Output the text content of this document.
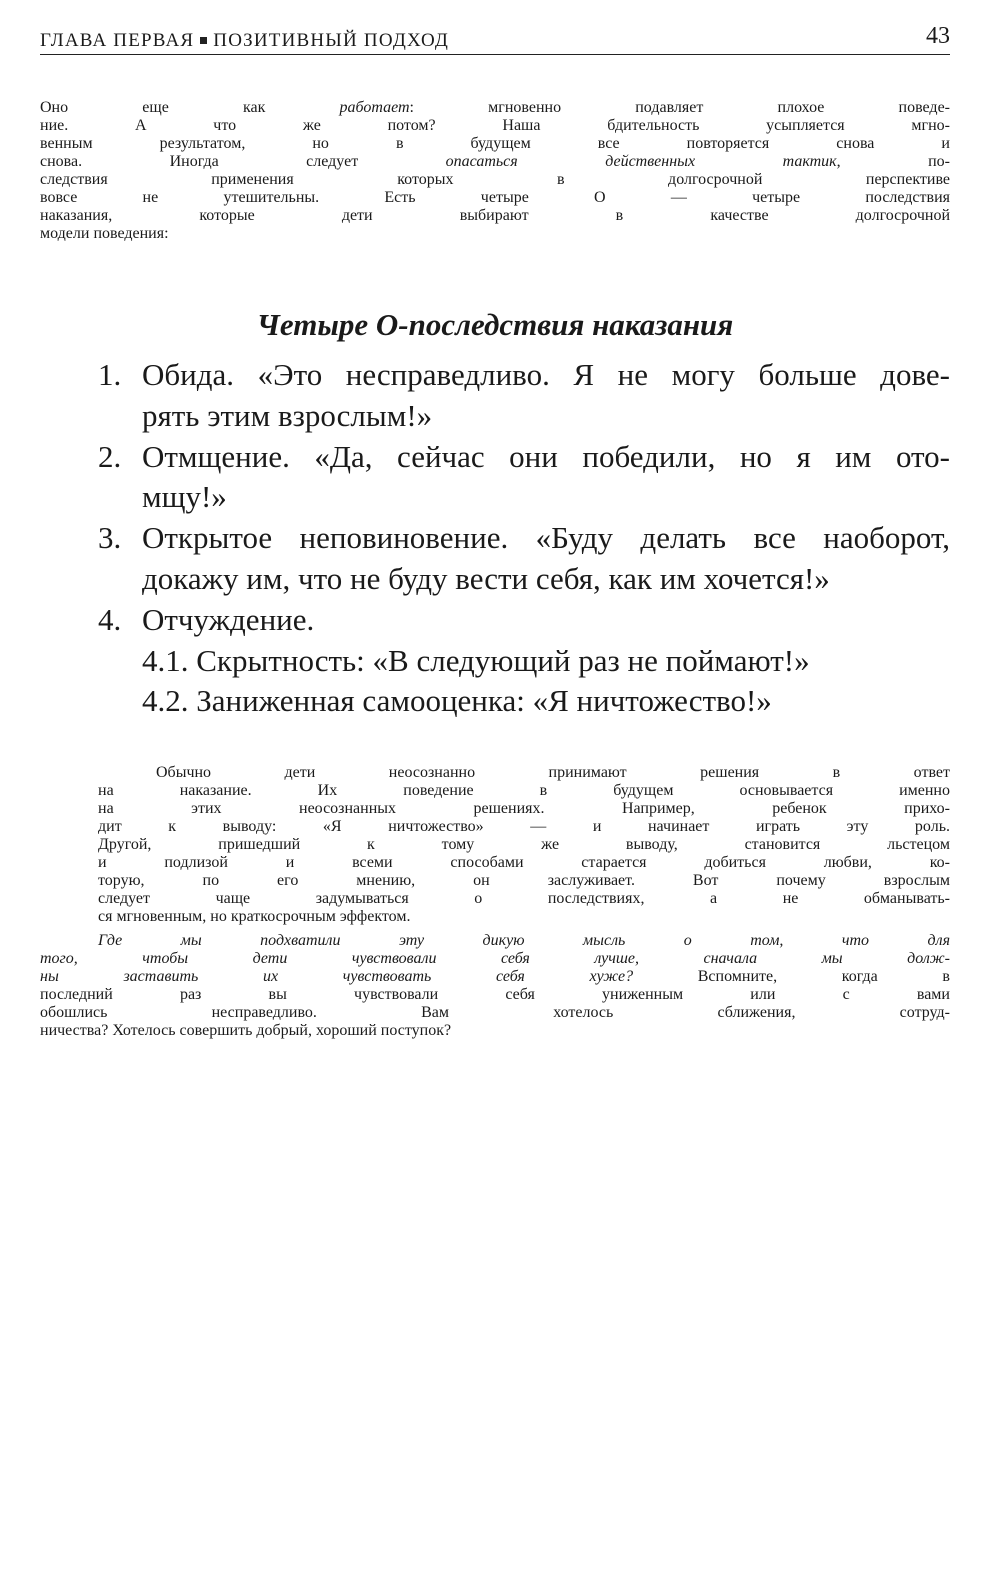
ГЛАВА ПЕРВАЯ ПОЗИТИВНЫЙ ПОДХОД	43
Оно еще как работает: мгновенно подавляет плохое поведе-
ние. А что же потом? Наша бдительность усыпляется мгно-
венным результатом, но в будущем все повторяется снова и
снова. Иногда следует опасаться действенных тактик, по-
следствия применения которых в долгосрочной перспективе
вовсе не утешительны. Есть четыре О — четыре последствия
наказания, которые дети выбирают в качестве долгосрочной
модели поведения:
Четыре О-последствия наказания
1. Обида. «Это несправедливо. Я не могу больше дове-
рять этим взрослым!»
2. Отмщение. «Да, сейчас они победили, но я им ото-
мщу!»
3. Открытое неповиновение. «Буду делать все наоборот,
докажу им, что не буду вести себя, как им хочется!»
4. Отчуждение.
4.1. Скрытность: «В следующий раз не поймают!»
4.2. Заниженная самооценка: «Я ничтожество!»
Обычно дети неосознанно принимают решения в ответ
на наказание. Их поведение в будущем основывается именно
на этих неосознанных решениях. Например, ребенок прихо-
дит к выводу: «Я ничтожество» — и начинает играть эту роль.
Другой, пришедший к тому же выводу, становится льстецом
и подлизой и всеми способами старается добиться любви, ко-
торую, по его мнению, он заслуживает. Вот почему взрослым
следует чаще задумываться о последствиях, а не обманывать-
ся мгновенным, но краткосрочным эффектом.
Где мы подхватили эту дикую мысль о том, что для
того, чтобы дети чувствовали себя лучше, сначала мы долж-
ны заставить их чувствовать себя хуже? Вспомните, когда в
последний раз вы чувствовали себя униженным или с вами
обошлись несправедливо. Вам хотелось сближения, сотруд-
ничества? Хотелось совершить добрый, хороший поступок?
